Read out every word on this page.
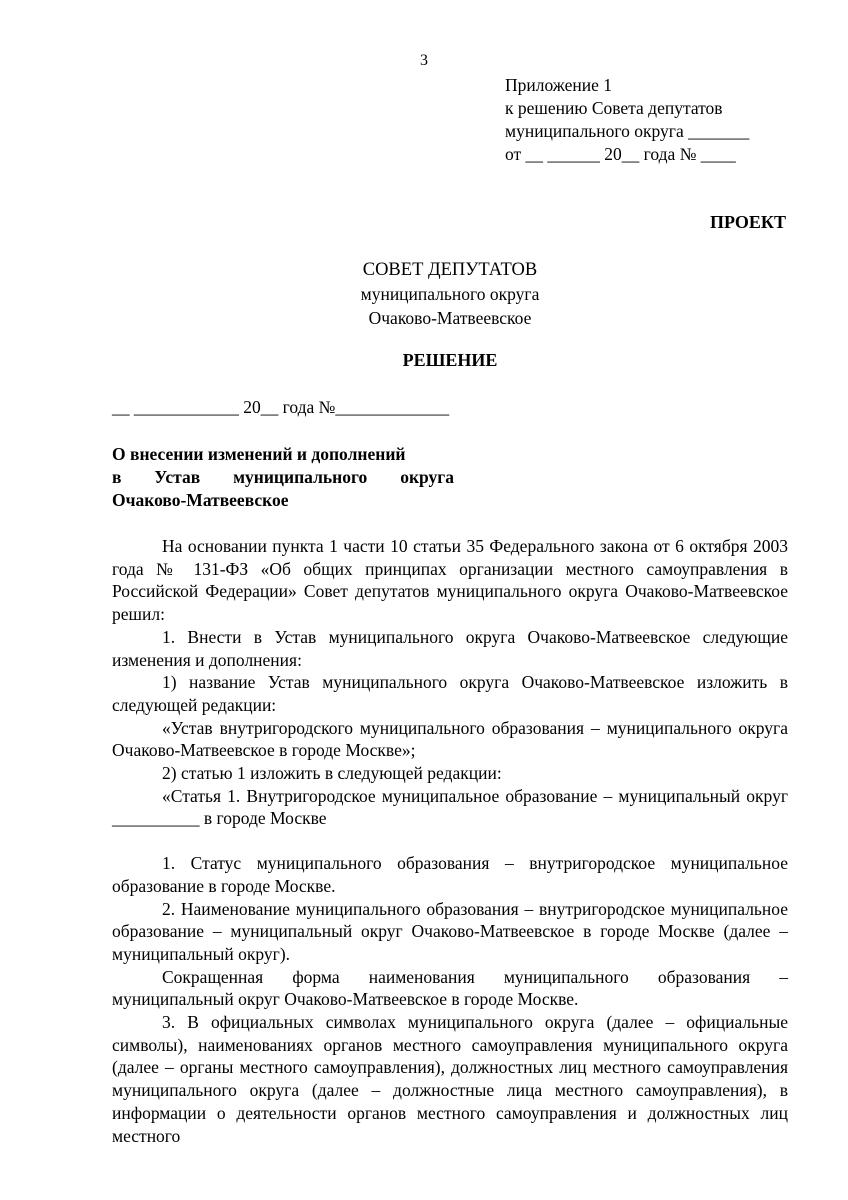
3
Приложение 1
к решению Совета депутатов
муниципального округа _______
от __ ______ 20__ года № ____
ПРОЕКТ
СОВЕТ ДЕПУТАТОВ
муниципального округа
Очаково-Матвеевское
РЕШЕНИЕ
__ ____________ 20__ года №_____________
О внесении изменений и дополнений
в Устав муниципального округа
Очаково-Матвеевское

На основании пункта 1 части 10 статьи 35 Федерального закона от 6 октября 2003 года № 131-ФЗ «Об общих принципах организации местного самоуправления в Российской Федерации» Совет депутатов муниципального округа Очаково-Матвеевское решил:

1. Внести в Устав муниципального округа Очаково-Матвеевское следующие изменения и дополнения:

1) название Устав муниципального округа Очаково-Матвеевское изложить в следующей редакции:

«Устав внутригородского муниципального образования – муниципального округа Очаково-Матвеевское в городе Москве»;

2) статью 1 изложить в следующей редакции:

«Статья 1. Внутригородское муниципальное образование – муниципальный округ __________ в городе Москве

1. Статус муниципального образования – внутригородское муниципальное образование в городе Москве.

2. Наименование муниципального образования – внутригородское муниципальное образование – муниципальный округ Очаково-Матвеевское в городе Москве (далее – муниципальный округ).

Сокращенная форма наименования муниципального образования – муниципальный округ Очаково-Матвеевское в городе Москве.

3. В официальных символах муниципального округа (далее – официальные символы), наименованиях органов местного самоуправления муниципального округа (далее – органы местного самоуправления), должностных лиц местного самоуправления муниципального округа (далее – должностные лица местного самоуправления), в информации о деятельности органов местного самоуправления и должностных лиц местного
